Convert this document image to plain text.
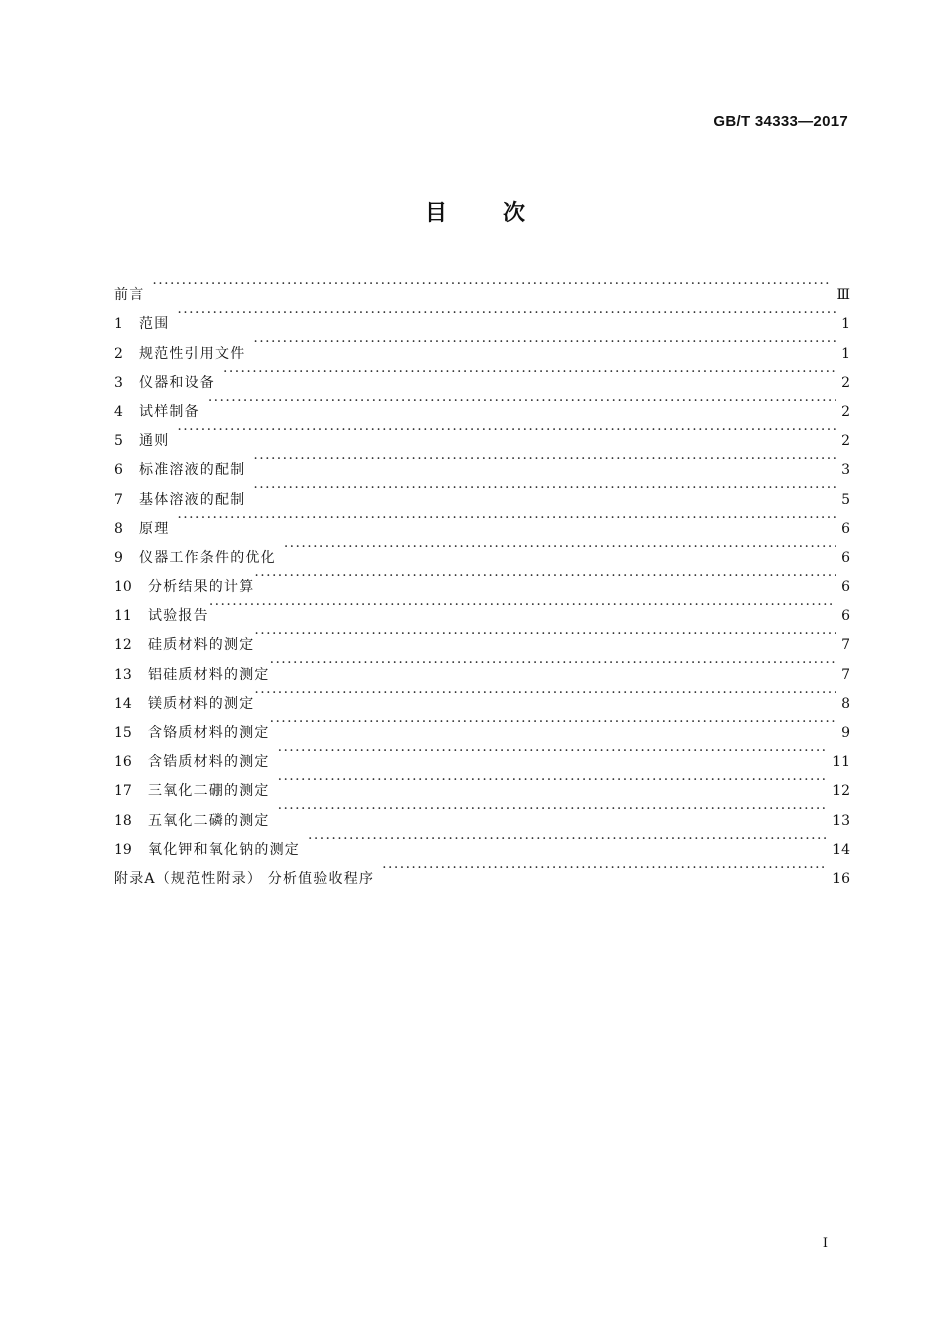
GB/T 34333—2017
目次
前言 ·····	Ⅲ
1	范围 ·····	1
2	规范性引用文件 ·····	1
3	仪器和设备 ·····	2
4	试样制备 ·····	2
5	通则 ·····	2
6	标准溶液的配制 ·····	3
7	基体溶液的配制 ·····	5
8	原理 ·····	6
9	仪器工作条件的优化 ·····	6
10	分析结果的计算 ·····	6
11	试验报告 ·····	6
12	硅质材料的测定 ·····	7
13	铝硅质材料的测定 ·····	7
14	镁质材料的测定 ·····	8
15	含铬质材料的测定 ·····	9
16	含锆质材料的测定 ·····	11
17	三氧化二硼的测定 ·····	12
18	五氧化二磷的测定 ·····	13
19	氧化钾和氧化钠的测定 ·····	14
附录A（规范性附录） 分析值验收程序 ·····	16
I
